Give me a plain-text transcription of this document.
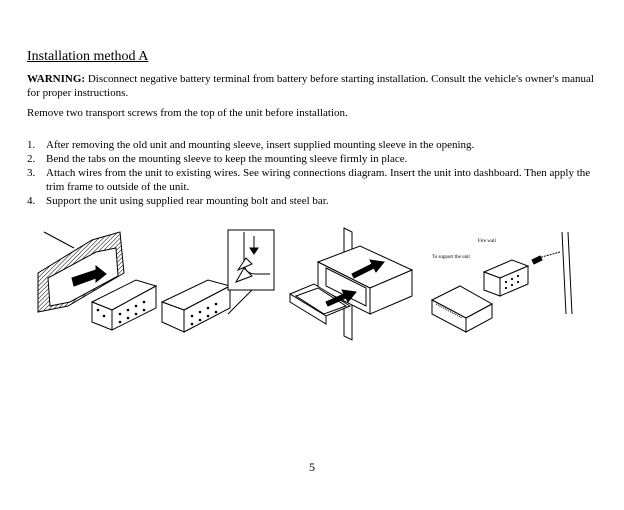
Installation method A
WARNING: Disconnect negative battery terminal from battery before starting installation. Consult the vehicle's owner's manual for proper instructions.
Remove two transport screws from the top of the unit before installation.
1. After removing the old unit and mounting sleeve, insert supplied mounting sleeve in the opening.
2. Bend the tabs on the mounting sleeve to keep the mounting sleeve firmly in place.
3. Attach wires from the unit to existing wires. See wiring connections diagram. Insert the unit into dashboard. Then apply the trim frame to outside of the unit.
4. Support the unit using supplied rear mounting bolt and steel bar.
Fire wall
To support the unit
5
